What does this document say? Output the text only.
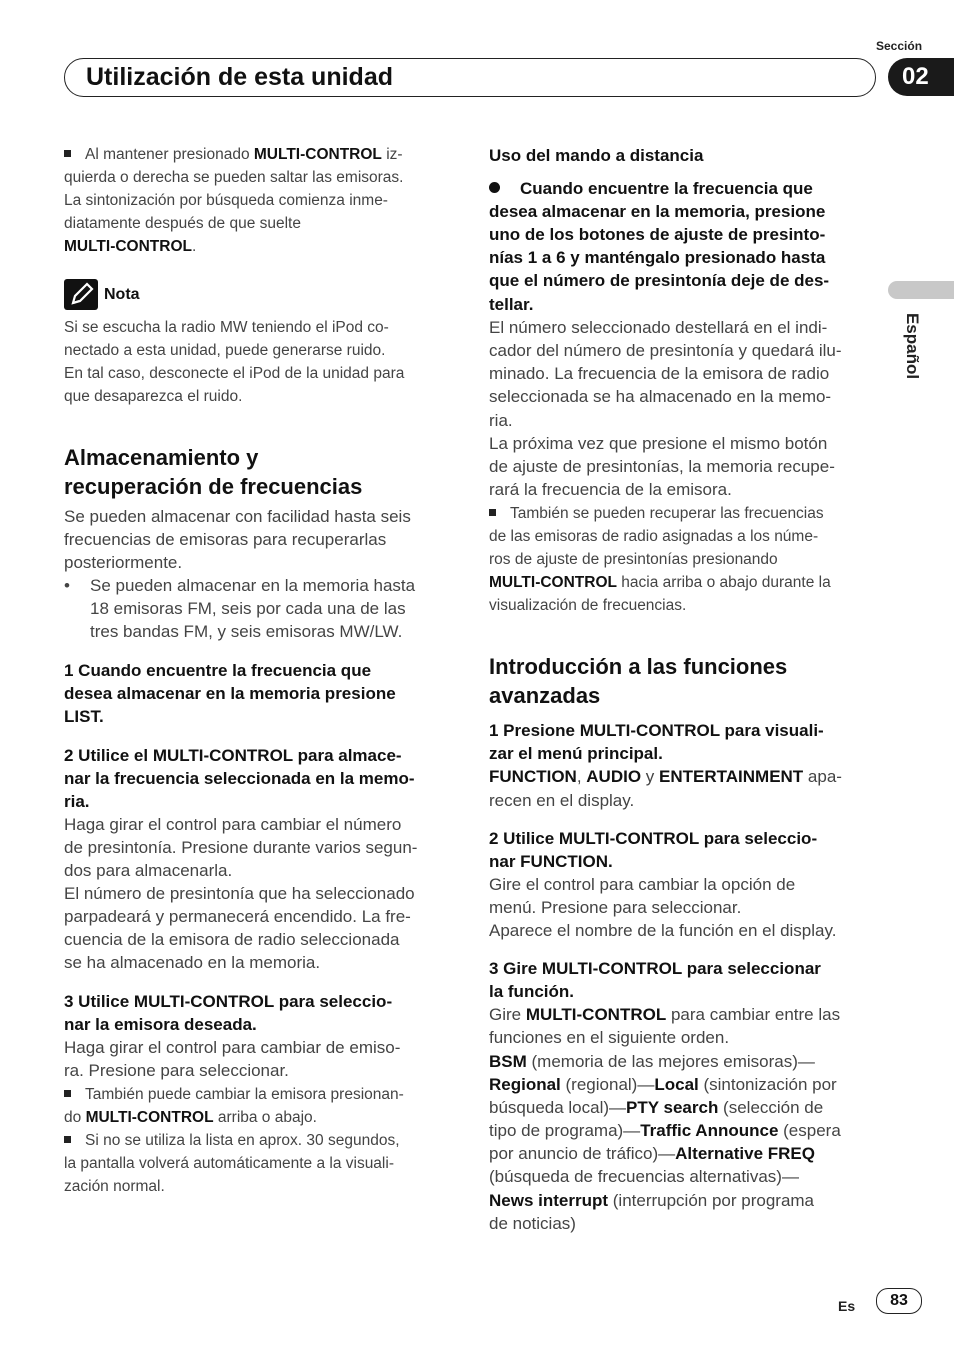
Sección
Utilización de esta unidad	02
Español
Al mantener presionado MULTI-CONTROL iz-
quierda o derecha se pueden saltar las emisoras.
La sintonización por búsqueda comienza inme-
diatamente después de que suelte
MULTI-CONTROL.
Nota
Si se escucha la radio MW teniendo el iPod co-
nectado a esta unidad, puede generarse ruido.
En tal caso, desconecte el iPod de la unidad para
que desaparezca el ruido.
Almacenamiento y
recuperación de frecuencias
Se pueden almacenar con facilidad hasta seis
frecuencias de emisoras para recuperarlas
posteriormente.
• Se pueden almacenar en la memoria hasta
18 emisoras FM, seis por cada una de las
tres bandas FM, y seis emisoras MW/LW.
1 Cuando encuentre la frecuencia que
desea almacenar en la memoria presione
LIST.
2 Utilice el MULTI-CONTROL para almace-
nar la frecuencia seleccionada en la memo-
ria.
Haga girar el control para cambiar el número
de presintonía. Presione durante varios segun-
dos para almacenarla.
El número de presintonía que ha seleccionado
parpadeará y permanecerá encendido. La fre-
cuencia de la emisora de radio seleccionada
se ha almacenado en la memoria.
3 Utilice MULTI-CONTROL para seleccio-
nar la emisora deseada.
Haga girar el control para cambiar de emiso-
ra. Presione para seleccionar.
También puede cambiar la emisora presionan-
do MULTI-CONTROL arriba o abajo.
Si no se utiliza la lista en aprox. 30 segundos,
la pantalla volverá automáticamente a la visuali-
zación normal.
Uso del mando a distancia
Cuando encuentre la frecuencia que
desea almacenar en la memoria, presione
uno de los botones de ajuste de presinto-
nías 1 a 6 y manténgalo presionado hasta
que el número de presintonía deje de des-
tellar.
El número seleccionado destellará en el indi-
cador del número de presintonía y quedará ilu-
minado. La frecuencia de la emisora de radio
seleccionada se ha almacenado en la memo-
ria.
La próxima vez que presione el mismo botón
de ajuste de presintonías, la memoria recupe-
rará la frecuencia de la emisora.
También se pueden recuperar las frecuencias
de las emisoras de radio asignadas a los núme-
ros de ajuste de presintonías presionando
MULTI-CONTROL hacia arriba o abajo durante la
visualización de frecuencias.
Introducción a las funciones
avanzadas
1 Presione MULTI-CONTROL para visuali-
zar el menú principal.
FUNCTION, AUDIO y ENTERTAINMENT apa-
recen en el display.
2 Utilice MULTI-CONTROL para seleccio-
nar FUNCTION.
Gire el control para cambiar la opción de
menú. Presione para seleccionar.
Aparece el nombre de la función en el display.
3 Gire MULTI-CONTROL para seleccionar
la función.
Gire MULTI-CONTROL para cambiar entre las
funciones en el siguiente orden.
BSM (memoria de las mejores emisoras)—
Regional (regional)—Local (sintonización por
búsqueda local)—PTY search (selección de
tipo de programa)—Traffic Announce (espera
por anuncio de tráfico)—Alternative FREQ
(búsqueda de frecuencias alternativas)—
News interrupt (interrupción por programa
de noticias)
Es	83
